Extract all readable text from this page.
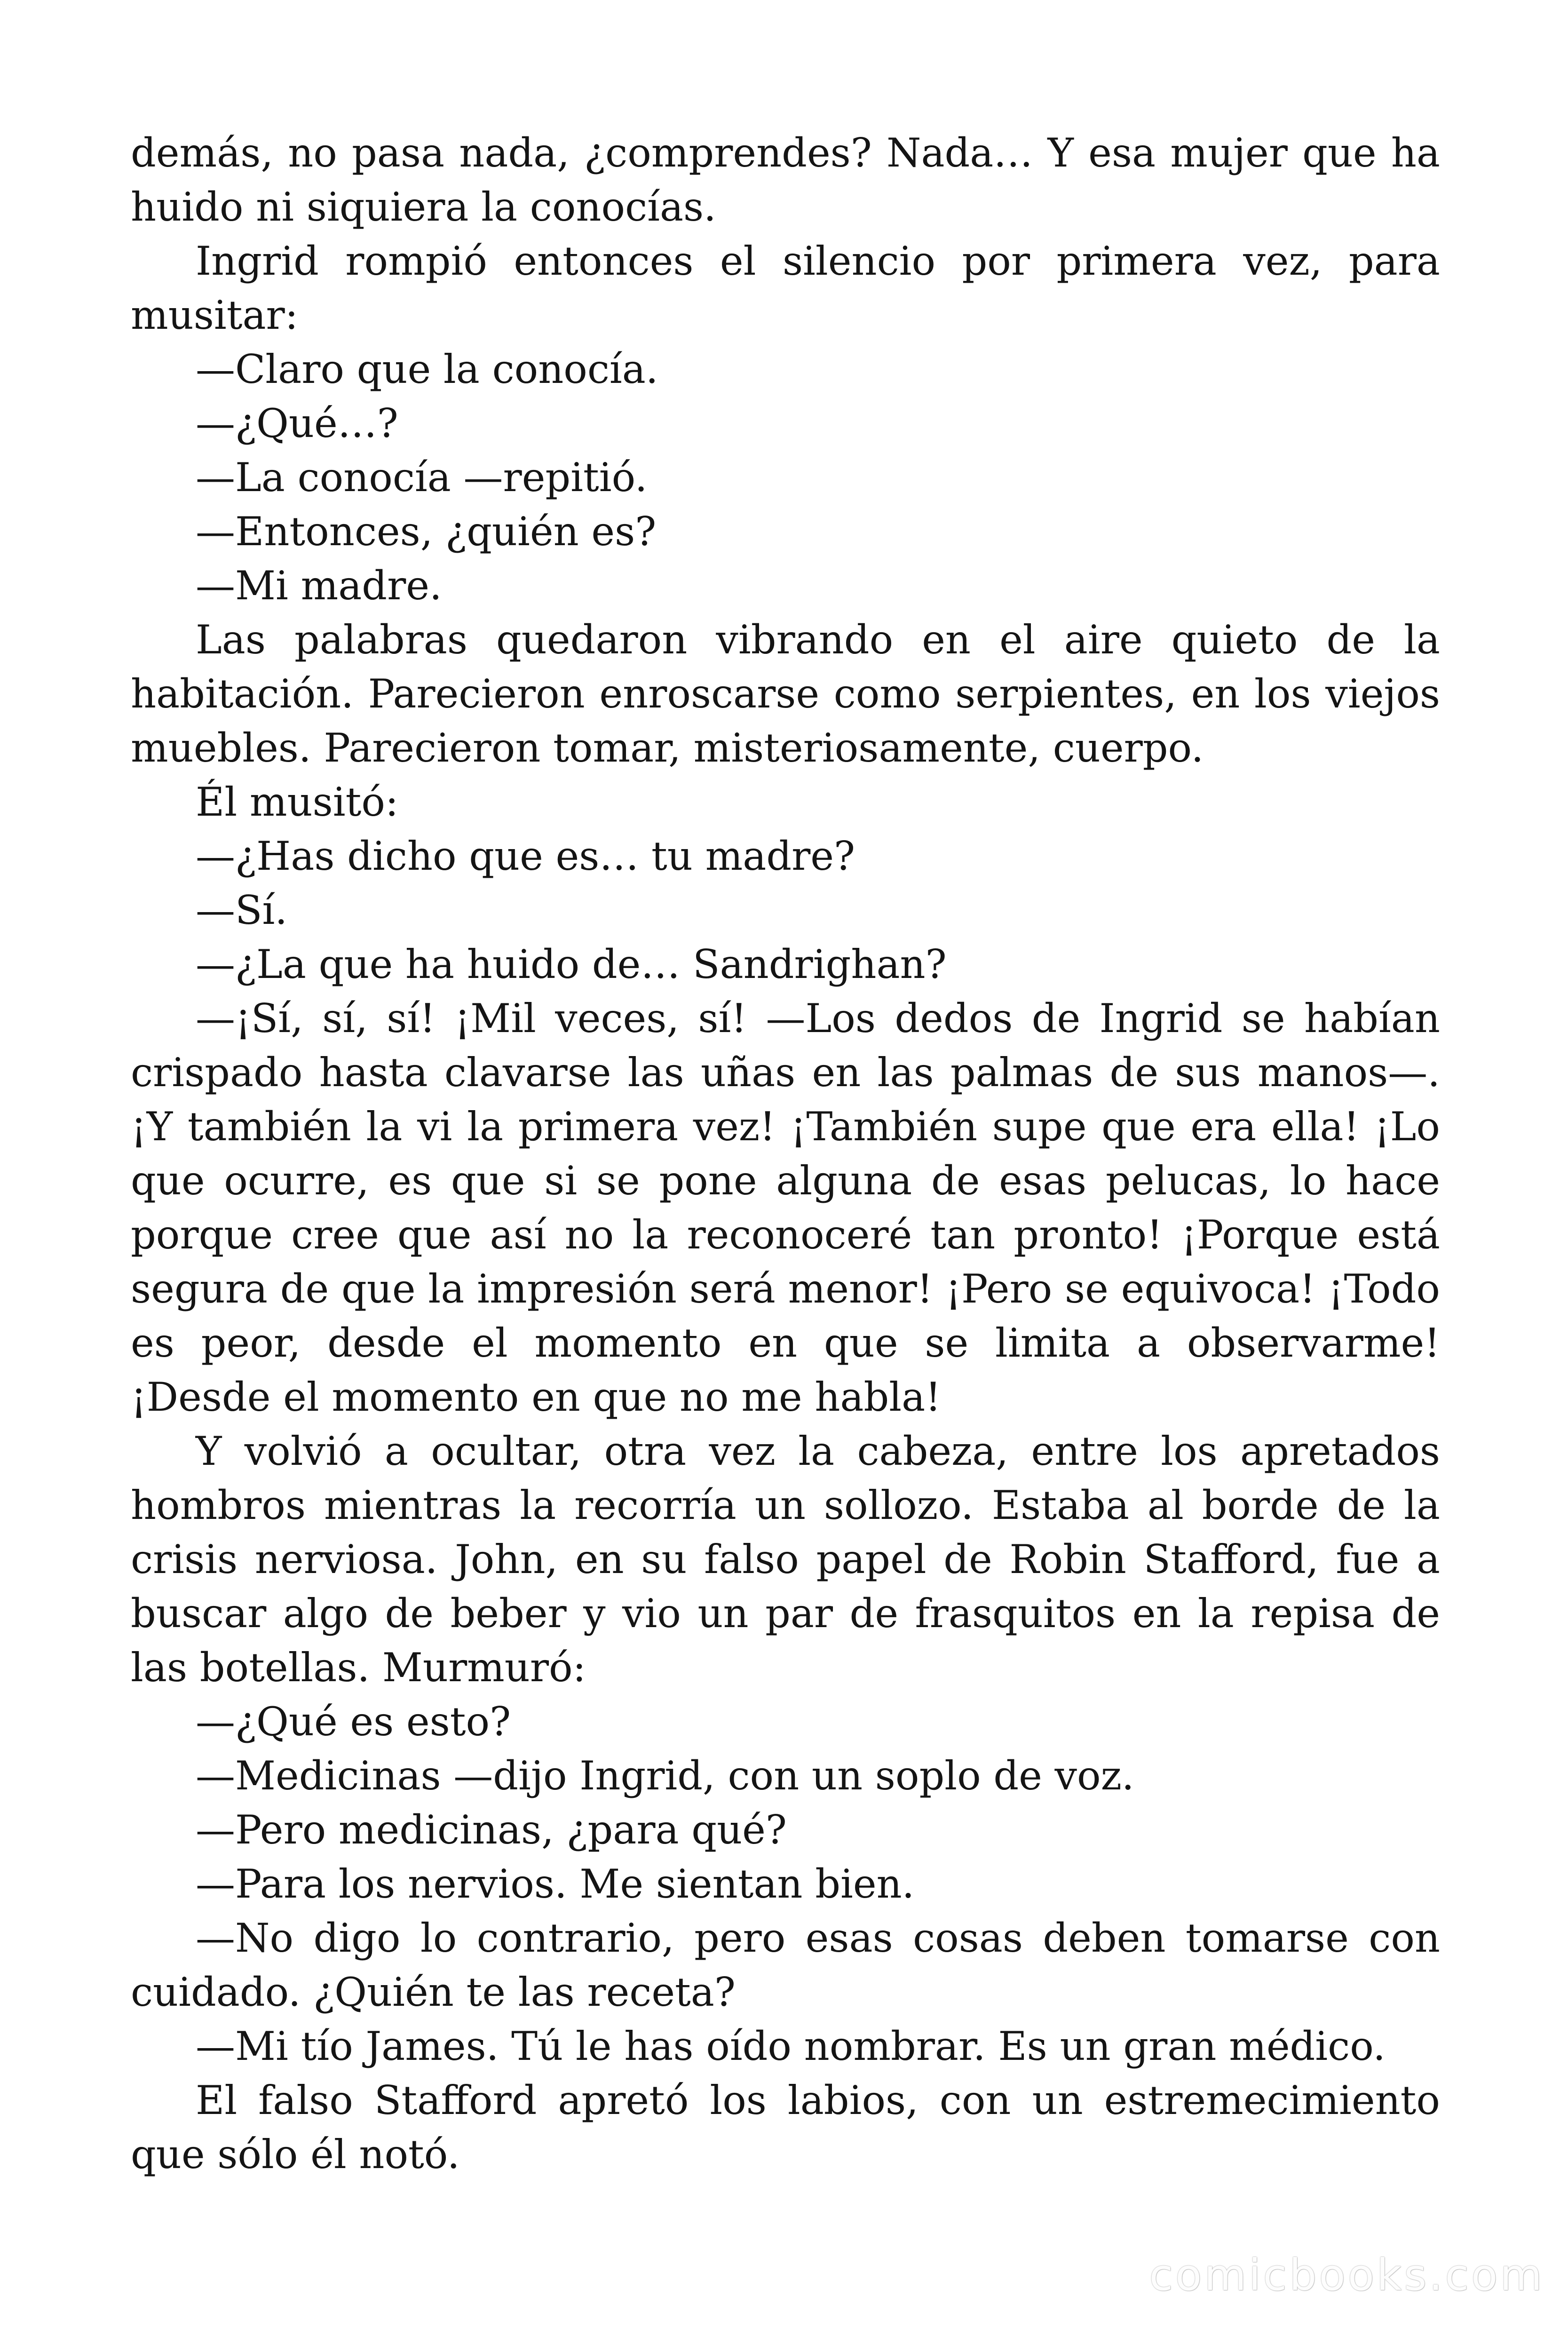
demás, no pasa nada, ¿comprendes? Nada… Y esa mujer que ha huido ni siquiera la conocías.

Ingrid rompió entonces el silencio por primera vez, para musitar:

—Claro que la conocía.

—¿Qué…?

—La conocía —repitió.

—Entonces, ¿quién es?

—Mi madre.

Las palabras quedaron vibrando en el aire quieto de la habitación. Parecieron enroscarse como serpientes, en los viejos muebles. Parecieron tomar, misteriosamente, cuerpo.

Él musitó:

—¿Has dicho que es… tu madre?

—Sí.

—¿La que ha huido de… Sandrighan?

—¡Sí, sí, sí! ¡Mil veces, sí! —Los dedos de Ingrid se habían crispado hasta clavarse las uñas en las palmas de sus manos—. ¡Y también la vi la primera vez! ¡También supe que era ella! ¡Lo que ocurre, es que si se pone alguna de esas pelucas, lo hace porque cree que así no la reconoceré tan pronto! ¡Porque está segura de que la impresión será menor! ¡Pero se equivoca! ¡Todo es peor, desde el momento en que se limita a observarme! ¡Desde el momento en que no me habla!

Y volvió a ocultar, otra vez la cabeza, entre los apretados hombros mientras la recorría un sollozo. Estaba al borde de la crisis nerviosa. John, en su falso papel de Robin Stafford, fue a buscar algo de beber y vio un par de frasquitos en la repisa de las botellas. Murmuró:

—¿Qué es esto?

—Medicinas —dijo Ingrid, con un soplo de voz.

—Pero medicinas, ¿para qué?

—Para los nervios. Me sientan bien.

—No digo lo contrario, pero esas cosas deben tomarse con cuidado. ¿Quién te las receta?

—Mi tío James. Tú le has oído nombrar. Es un gran médico.

El falso Stafford apretó los labios, con un estremecimiento que sólo él notó.

comicbooks.com
